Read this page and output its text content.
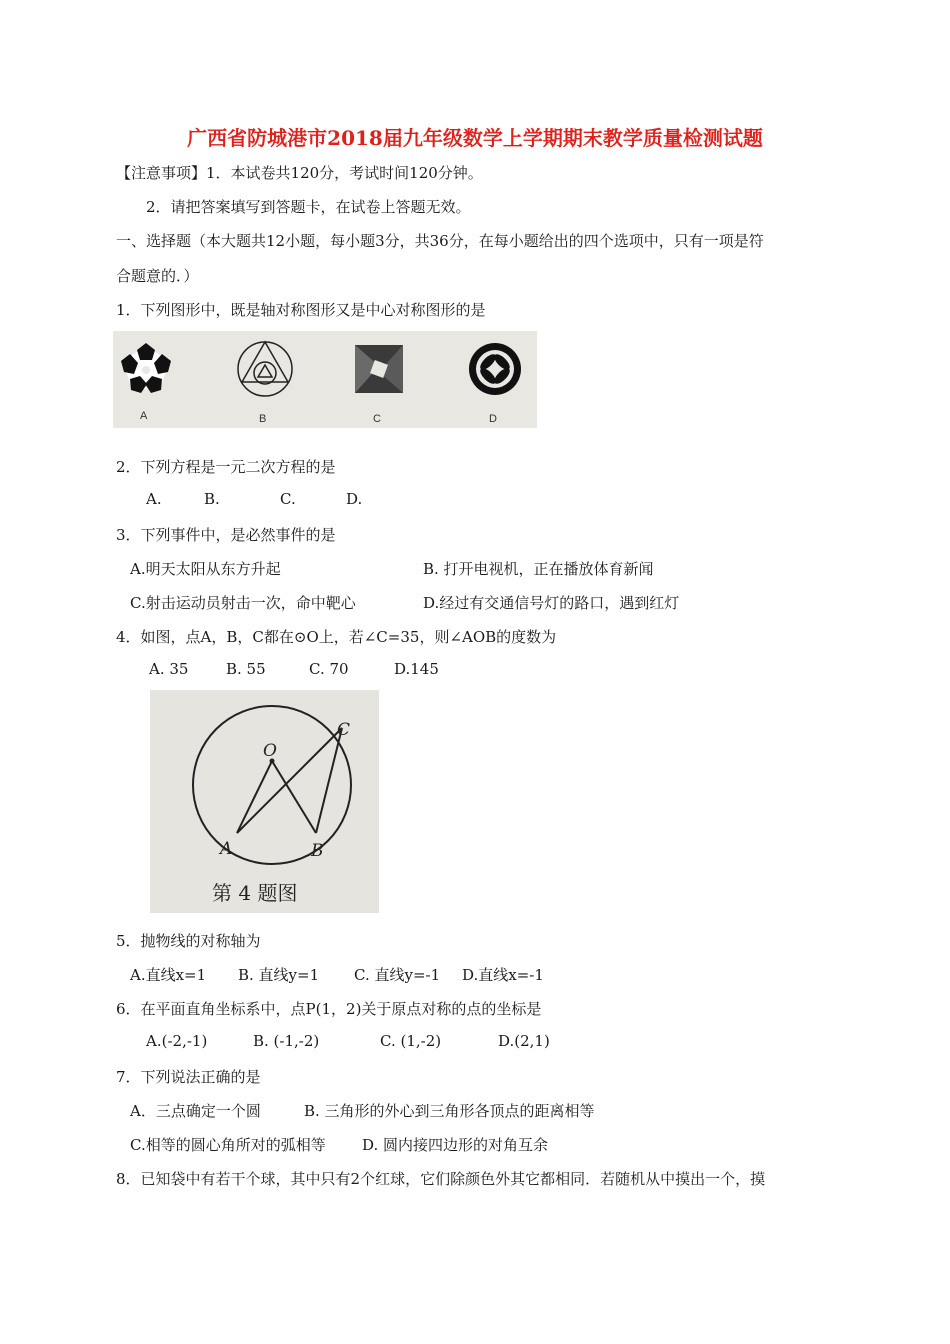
广西省防城港市2018届九年级数学上学期期末教学质量检测试题
【注意事项】1．本试卷共120分，考试时间120分钟。
2．请把答案填写到答题卡，在试卷上答题无效。
一、选择题（本大题共12小题，每小题3分，共36分，在每小题给出的四个选项中，只有一项是符
合题意的．）
1．下列图形中，既是轴对称图形又是中心对称图形的是
A	B	C	D
2．下列方程是一元二次方程的是
A.	B.	C.	D.
3．下列事件中，是必然事件的是
A.明天太阳从东方升起	B. 打开电视机，正在播放体育新闻
C.射击运动员射击一次，命中靶心	D.经过有交通信号灯的路口，遇到红灯
4．如图，点A，B，C都在⊙O上，若∠C=35，则∠AOB的度数为
A. 35	B. 55	C. 70	D.145
O
C
A	B
第 4 题图
5．抛物线的对称轴为
A.直线x=1 B. 直线y=1 C. 直线y=-1 D.直线x=-1
6．在平面直角坐标系中，点P(1，2)关于原点对称的点的坐标是
A.(-2,-1)	B. (-1,-2)	C. (1,-2)	D.(2,1)
7．下列说法正确的是
A．三点确定一个圆	B. 三角形的外心到三角形各顶点的距离相等
C.相等的圆心角所对的弧相等 D. 圆内接四边形的对角互余
8．已知袋中有若干个球，其中只有2个红球，它们除颜色外其它都相同．若随机从中摸出一个，摸
